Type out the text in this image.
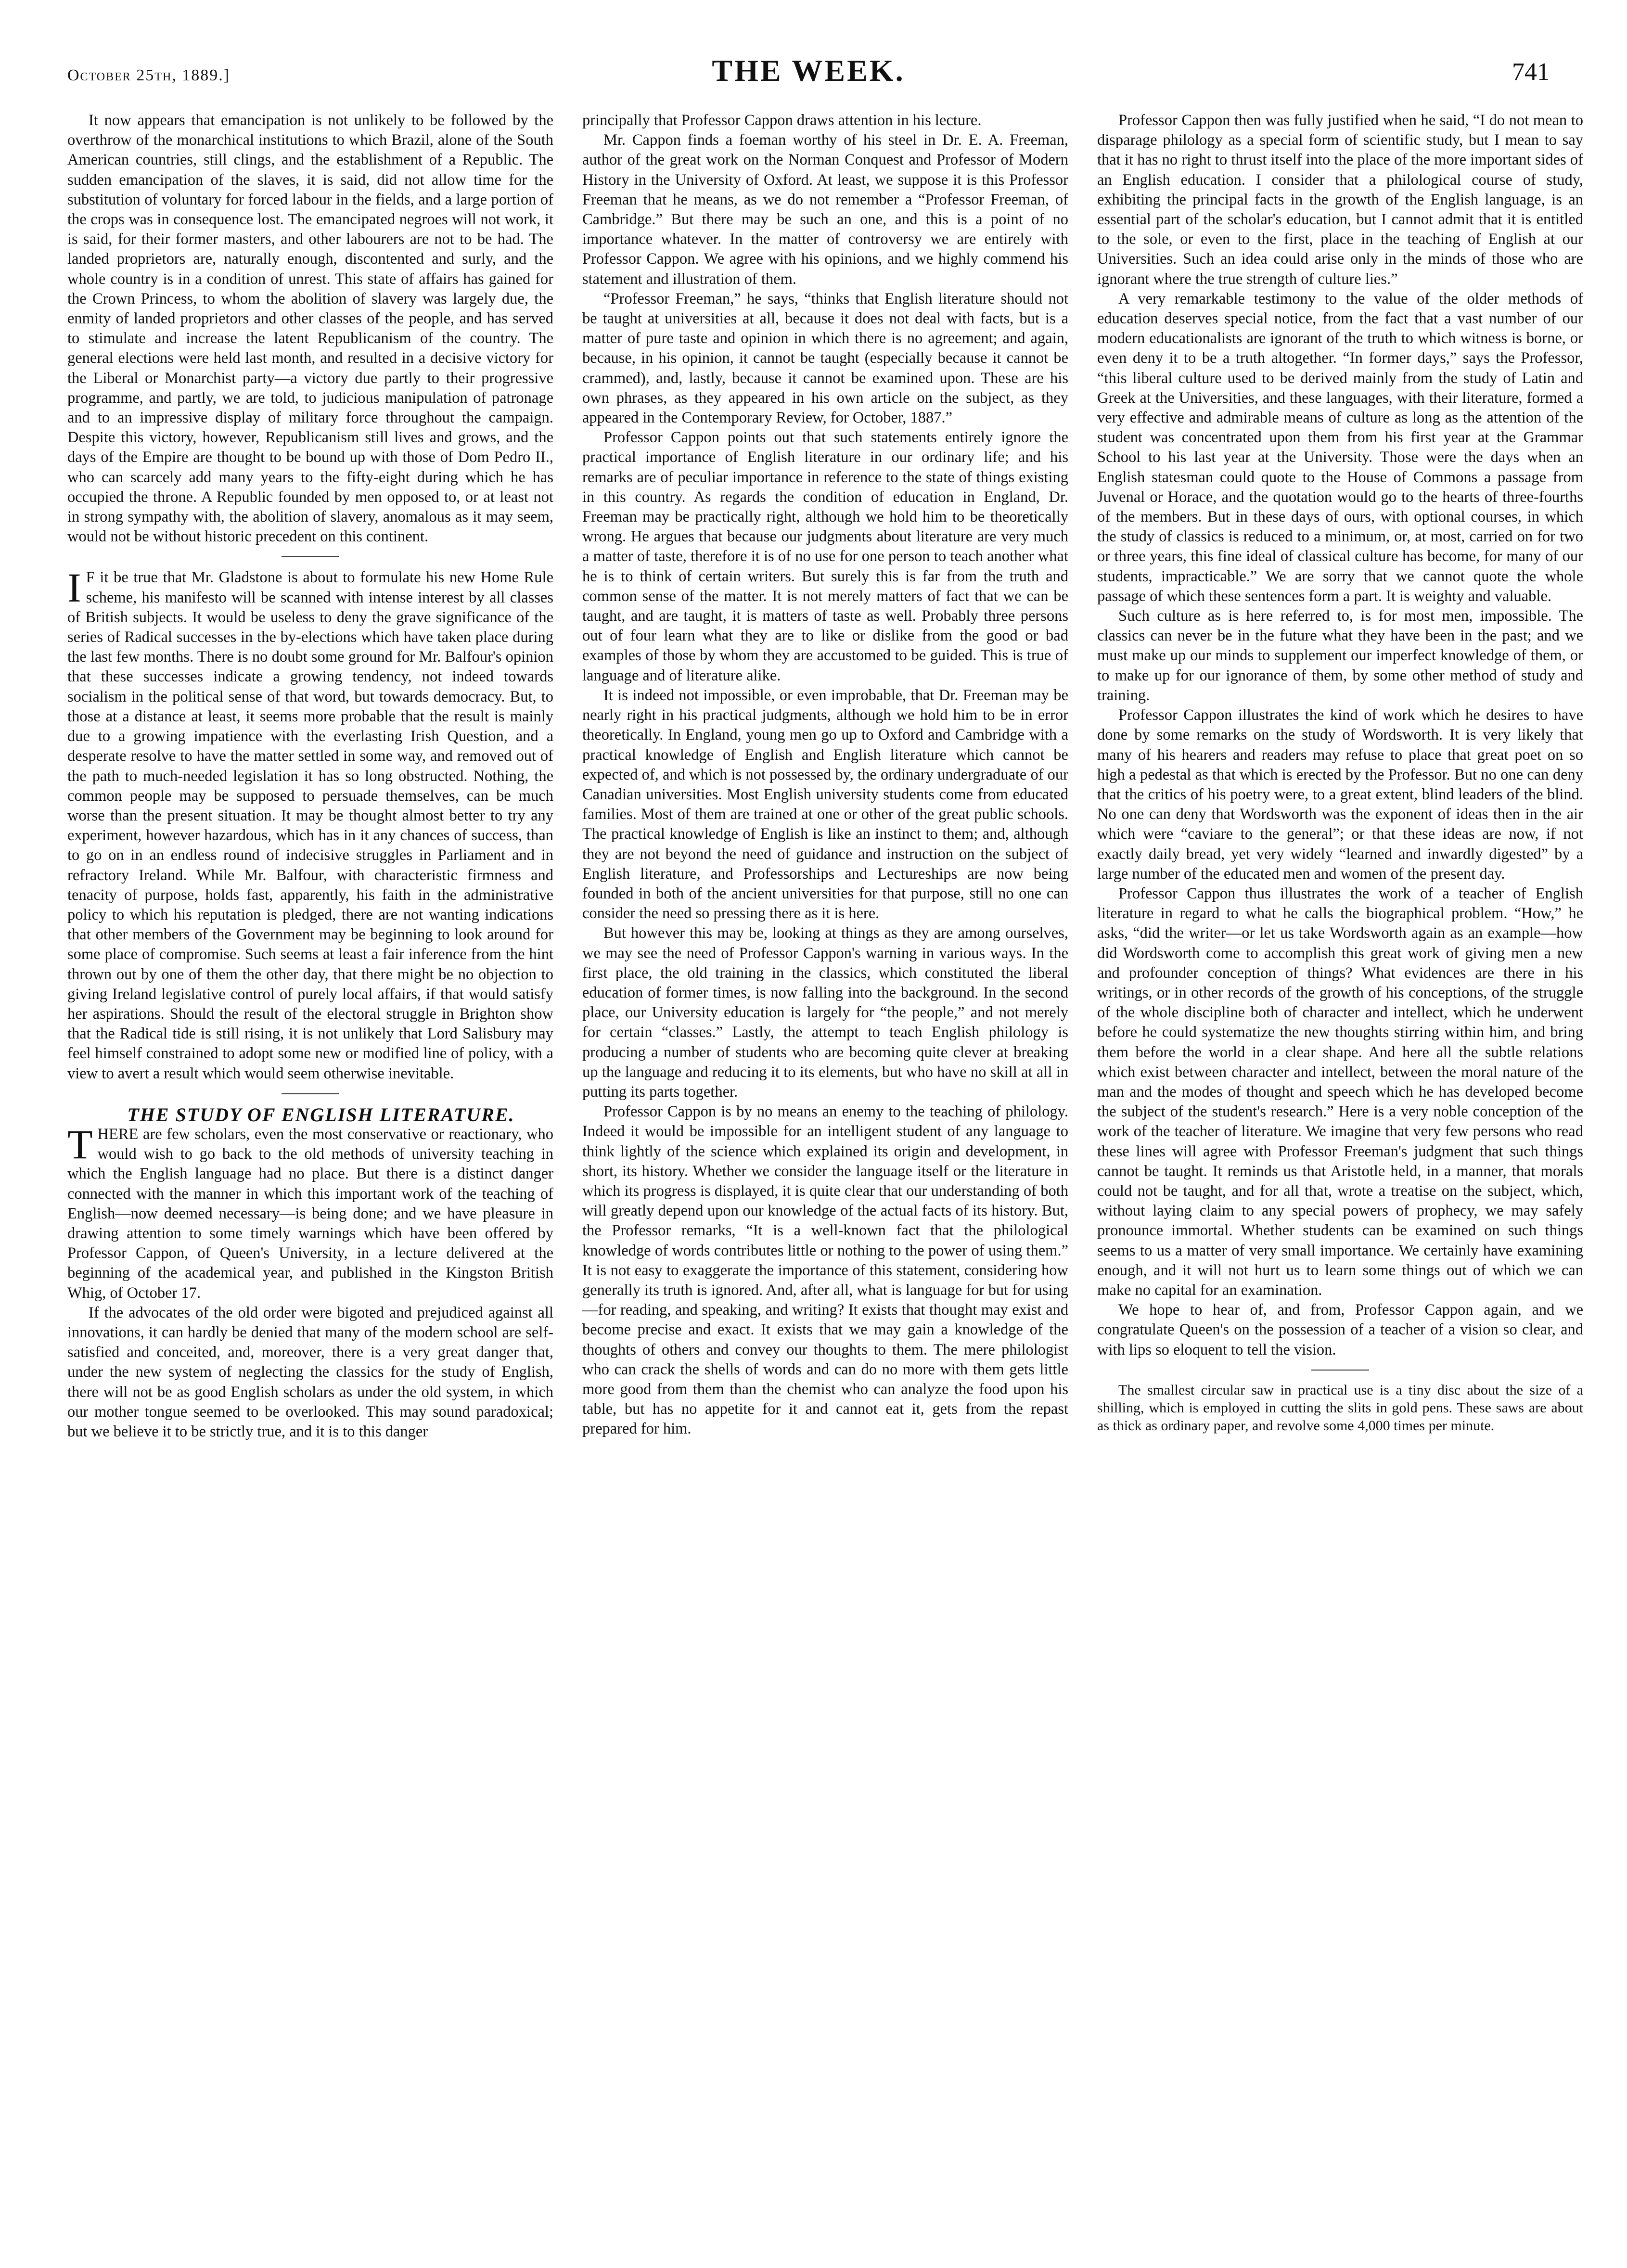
October 25th, 1889.]	THE WEEK.	741

It now appears that emancipation is not unlikely to be followed by the overthrow of the monarchical institutions to which Brazil, alone of the South American countries, still clings, and the establishment of a Republic. The sudden emancipation of the slaves, it is said, did not allow time for the substitution of voluntary for forced labour in the fields, and a large portion of the crops was in consequence lost. The emancipated negroes will not work, it is said, for their former masters, and other labourers are not to be had. The landed proprietors are, naturally enough, discontented and surly, and the whole country is in a condition of unrest. This state of affairs has gained for the Crown Princess, to whom the abolition of slavery was largely due, the enmity of landed proprietors and other classes of the people, and has served to stimulate and increase the latent Republicanism of the country. The general elections were held last month, and resulted in a decisive victory for the Liberal or Monarchist party—a victory due partly to their progressive programme, and partly, we are told, to judicious manipulation of patronage and to an impressive display of military force throughout the campaign. Despite this victory, however, Republicanism still lives and grows, and the days of the Empire are thought to be bound up with those of Dom Pedro II., who can scarcely add many years to the fifty-eight during which he has occupied the throne. A Republic founded by men opposed to, or at least not in strong sympathy with, the abolition of slavery, anomalous as it may seem, would not be without historic precedent on this continent.

I F it be true that Mr. Gladstone is about to formulate his new Home Rule scheme, his manifesto will be scanned with intense interest by all classes of British subjects. It would be useless to deny the grave significance of the series of Radical successes in the by-elections which have taken place during the last few months. There is no doubt some ground for Mr. Balfour's opinion that these successes indicate a growing tendency, not indeed towards socialism in the political sense of that word, but towards democracy. But, to those at a distance at least, it seems more probable that the result is mainly due to a growing impatience with the everlasting Irish Question, and a desperate resolve to have the matter settled in some way, and removed out of the path to much-needed legislation it has so long obstructed. Nothing, the common people may be supposed to persuade themselves, can be much worse than the present situation. It may be thought almost better to try any experiment, however hazardous, which has in it any chances of success, than to go on in an endless round of indecisive struggles in Parliament and in refractory Ireland. While Mr. Balfour, with characteristic firmness and tenacity of purpose, holds fast, apparently, his faith in the administrative policy to which his reputation is pledged, there are not wanting indications that other members of the Government may be beginning to look around for some place of compromise. Such seems at least a fair inference from the hint thrown out by one of them the other day, that there might be no objection to giving Ireland legislative control of purely local affairs, if that would satisfy her aspirations. Should the result of the electoral struggle in Brighton show that the Radical tide is still rising, it is not unlikely that Lord Salisbury may feel himself constrained to adopt some new or modified line of policy, with a view to avert a result which would seem otherwise inevitable.

THE STUDY OF ENGLISH LITERATURE.

THERE are few scholars, even the most conservative or reactionary, who would wish to go back to the old methods of university teaching in which the English language had no place. But there is a distinct danger connected with the manner in which this important work of the teaching of English—now deemed necessary—is being done; and we have pleasure in drawing attention to some timely warnings which have been offered by Professor Cappon, of Queen's University, in a lecture delivered at the beginning of the academical year, and published in the Kingston British Whig, of October 17.

If the advocates of the old order were bigoted and prejudiced against all innovations, it can hardly be denied that many of the modern school are self-satisfied and conceited, and, moreover, there is a very great danger that, under the new system of neglecting the classics for the study of English, there will not be as good English scholars as under the old system, in which our mother tongue seemed to be overlooked. This may sound paradoxical; but we believe it to be strictly true, and it is to this danger

principally that Professor Cappon draws attention in his lecture.

Mr. Cappon finds a foeman worthy of his steel in Dr. E. A. Freeman, author of the great work on the Norman Conquest and Professor of Modern History in the University of Oxford. At least, we suppose it is this Professor Freeman that he means, as we do not remember a “Professor Freeman, of Cambridge.” But there may be such an one, and this is a point of no importance whatever. In the matter of controversy we are entirely with Professor Cappon. We agree with his opinions, and we highly commend his statement and illustration of them.

“Professor Freeman,” he says, “thinks that English literature should not be taught at universities at all, because it does not deal with facts, but is a matter of pure taste and opinion in which there is no agreement; and again, because, in his opinion, it cannot be taught (especially because it cannot be crammed), and, lastly, because it cannot be examined upon. These are his own phrases, as they appeared in his own article on the subject, as they appeared in the Contemporary Review, for October, 1887.”

Professor Cappon points out that such statements entirely ignore the practical importance of English literature in our ordinary life; and his remarks are of peculiar importance in reference to the state of things existing in this country. As regards the condition of education in England, Dr. Freeman may be practically right, although we hold him to be theoretically wrong. He argues that because our judgments about literature are very much a matter of taste, therefore it is of no use for one person to teach another what he is to think of certain writers. But surely this is far from the truth and common sense of the matter. It is not merely matters of fact that we can be taught, and are taught, it is matters of taste as well. Probably three persons out of four learn what they are to like or dislike from the good or bad examples of those by whom they are accustomed to be guided. This is true of language and of literature alike.

It is indeed not impossible, or even improbable, that Dr. Freeman may be nearly right in his practical judgments, although we hold him to be in error theoretically. In England, young men go up to Oxford and Cambridge with a practical knowledge of English and English literature which cannot be expected of, and which is not possessed by, the ordinary undergraduate of our Canadian universities. Most English university students come from educated families. Most of them are trained at one or other of the great public schools. The practical knowledge of English is like an instinct to them; and, although they are not beyond the need of guidance and instruction on the subject of English literature, and Professorships and Lectureships are now being founded in both of the ancient universities for that purpose, still no one can consider the need so pressing there as it is here.

But however this may be, looking at things as they are among ourselves, we may see the need of Professor Cappon's warning in various ways. In the first place, the old training in the classics, which constituted the liberal education of former times, is now falling into the background. In the second place, our University education is largely for “the people,” and not merely for certain “classes.” Lastly, the attempt to teach English philology is producing a number of students who are becoming quite clever at breaking up the language and reducing it to its elements, but who have no skill at all in putting its parts together.

Professor Cappon is by no means an enemy to the teaching of philology. Indeed it would be impossible for an intelligent student of any language to think lightly of the science which explained its origin and development, in short, its history. Whether we consider the language itself or the literature in which its progress is displayed, it is quite clear that our understanding of both will greatly depend upon our knowledge of the actual facts of its history. But, the Professor remarks, “It is a well-known fact that the philological knowledge of words contributes little or nothing to the power of using them.” It is not easy to exaggerate the importance of this statement, considering how generally its truth is ignored. And, after all, what is language for but for using—for reading, and speaking, and writing? It exists that thought may exist and become precise and exact. It exists that we may gain a knowledge of the thoughts of others and convey our thoughts to them. The mere philologist who can crack the shells of words and can do no more with them gets little more good from them than the chemist who can analyze the food upon his table, but has no appetite for it and cannot eat it, gets from the repast prepared for him.

Professor Cappon then was fully justified when he said, “I do not mean to disparage philology as a special form of scientific study, but I mean to say that it has no right to thrust itself into the place of the more important sides of an English education. I consider that a philological course of study, exhibiting the principal facts in the growth of the English language, is an essential part of the scholar's education, but I cannot admit that it is entitled to the sole, or even to the first, place in the teaching of English at our Universities. Such an idea could arise only in the minds of those who are ignorant where the true strength of culture lies.”

A very remarkable testimony to the value of the older methods of education deserves special notice, from the fact that a vast number of our modern educationalists are ignorant of the truth to which witness is borne, or even deny it to be a truth altogether. “In former days,” says the Professor, “this liberal culture used to be derived mainly from the study of Latin and Greek at the Universities, and these languages, with their literature, formed a very effective and admirable means of culture as long as the attention of the student was concentrated upon them from his first year at the Grammar School to his last year at the University. Those were the days when an English statesman could quote to the House of Commons a passage from Juvenal or Horace, and the quotation would go to the hearts of three-fourths of the members. But in these days of ours, with optional courses, in which the study of classics is reduced to a minimum, or, at most, carried on for two or three years, this fine ideal of classical culture has become, for many of our students, impracticable.” We are sorry that we cannot quote the whole passage of which these sentences form a part. It is weighty and valuable.

Such culture as is here referred to, is for most men, impossible. The classics can never be in the future what they have been in the past; and we must make up our minds to supplement our imperfect knowledge of them, or to make up for our ignorance of them, by some other method of study and training.

Professor Cappon illustrates the kind of work which he desires to have done by some remarks on the study of Wordsworth. It is very likely that many of his hearers and readers may refuse to place that great poet on so high a pedestal as that which is erected by the Professor. But no one can deny that the critics of his poetry were, to a great extent, blind leaders of the blind. No one can deny that Wordsworth was the exponent of ideas then in the air which were “caviare to the general”; or that these ideas are now, if not exactly daily bread, yet very widely “learned and inwardly digested” by a large number of the educated men and women of the present day.

Professor Cappon thus illustrates the work of a teacher of English literature in regard to what he calls the biographical problem. “How,” he asks, “did the writer—or let us take Wordsworth again as an example—how did Wordsworth come to accomplish this great work of giving men a new and profounder conception of things? What evidences are there in his writings, or in other records of the growth of his conceptions, of the struggle of the whole discipline both of character and intellect, which he underwent before he could systematize the new thoughts stirring within him, and bring them before the world in a clear shape. And here all the subtle relations which exist between character and intellect, between the moral nature of the man and the modes of thought and speech which he has developed become the subject of the student's research.” Here is a very noble conception of the work of the teacher of literature. We imagine that very few persons who read these lines will agree with Professor Freeman's judgment that such things cannot be taught. It reminds us that Aristotle held, in a manner, that morals could not be taught, and for all that, wrote a treatise on the subject, which, without laying claim to any special powers of prophecy, we may safely pronounce immortal. Whether students can be examined on such things seems to us a matter of very small importance. We certainly have examining enough, and it will not hurt us to learn some things out of which we can make no capital for an examination.

We hope to hear of, and from, Professor Cappon again, and we congratulate Queen's on the possession of a teacher of a vision so clear, and with lips so eloquent to tell the vision.

The smallest circular saw in practical use is a tiny disc about the size of a shilling, which is employed in cutting the slits in gold pens. These saws are about as thick as ordinary paper, and revolve some 4,000 times per minute.
